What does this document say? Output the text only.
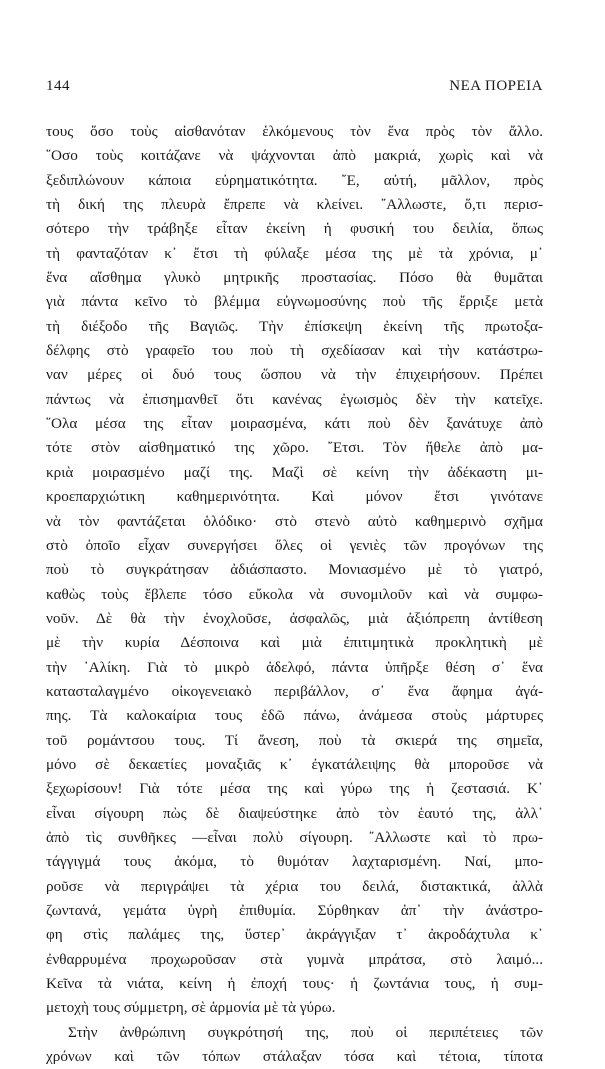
144	ΝΕΑ ΠΟΡΕΙΑ
τους ὅσο τοὺς αἰσθανόταν ἑλκόμενους τὸν ἕνα πρὸς τὸν ἄλλο.
῞Οσο τοὺς κοιτάζανε νὰ ψάχνονται ἀπὸ μακριά, χωρὶς καὶ νὰ
ξεδιπλώνουν κάποια εὐρηματικότητα. ῎Ε, αὐτή, μᾶλλον, πρὸς
τὴ δική της πλευρὰ ἔπρεπε νὰ κλείνει. ῎Αλλωστε, ὅ,τι περισ-
σότερο τὴν τράβηξε εἶταν ἐκείνη ἡ φυσική του δειλία, ὅπως
τὴ φανταζόταν κ᾽ ἔτσι τὴ φύλαξε μέσα της μὲ τὰ χρόνια, μ᾽
ἕνα αἴσθημα γλυκὸ μητρικῆς προστασίας. Πόσο θὰ θυμᾶται
γιὰ πάντα κεῖνο τὸ βλέμμα εὐγνωμοσύνης ποὺ τῆς ἔρριξε μετὰ
τὴ διέξοδο τῆς Βαγιῶς. Τὴν ἐπίσκεψη ἐκείνη τῆς πρωτοξα-
δέλφης στὸ γραφεῖο του ποὺ τὴ σχεδίασαν καὶ τὴν κατάστρω-
ναν μέρες οἱ δυό τους ὥσπου νὰ τὴν ἐπιχειρήσουν. Πρέπει
πάντως νὰ ἐπισημανθεῖ ὅτι κανένας ἐγωισμὸς δὲν τὴν κατεῖχε.
῞Ολα μέσα της εἶταν μοιρασμένα, κάτι ποὺ δὲν ξανάτυχε ἀπὸ
τότε στὸν αἰσθηματικό της χῶρο. ῎Ετσι. Τὸν ἤθελε ἀπὸ μα-
κριὰ μοιρασμένο μαζί της. Μαζὶ σὲ κείνη τὴν ἀδέκαστη μι-
κροεπαρχιώτικη καθημερινότητα. Καὶ μόνον ἔτσι γινότανε
νὰ τὸν φαντάζεται ὁλόδικο· στὸ στενὸ αὐτὸ καθημερινὸ σχῆμα
στὸ ὁποῖο εἶχαν συνεργήσει ὅλες οἱ γενιὲς τῶν προγόνων της
ποὺ τὸ συγκράτησαν ἀδιάσπαστο. Μονιασμένο μὲ τὸ γιατρό,
καθὼς τοὺς ἔβλεπε τόσο εὔκολα νὰ συνομιλοῦν καὶ νὰ συμφω-
νοῦν. Δὲ θὰ τὴν ἐνοχλοῦσε, ἀσφαλῶς, μιὰ ἀξιόπρεπη ἀντίθεση
μὲ τὴν κυρία Δέσποινα καὶ μιὰ ἐπιτιμητικὰ προκλητικὴ μὲ
τὴν ᾽Αλίκη. Γιὰ τὸ μικρὸ ἀδελφό, πάντα ὑπῆρξε θέση σ᾽ ἕνα
κατασταλαγμένο οἰκογενειακὸ περιβάλλον, σ᾽ ἕνα ἄφημα ἀγά-
πης. Τὰ καλοκαίρια τους ἐδῶ πάνω, ἀνάμεσα στοὺς μάρτυρες
τοῦ ρομάντσου τους. Τί ἄνεση, ποὺ τὰ σκιερά της σημεῖα,
μόνο σὲ δεκαετίες μοναξιᾶς κ᾽ ἐγκατάλειψης θὰ μποροῦσε νὰ
ξεχωρίσουν! Γιὰ τότε μέσα της καὶ γύρω της ἡ ζεστασιά. Κ᾽
εἶναι σίγουρη πὼς δὲ διαψεύστηκε ἀπὸ τὸν ἑαυτό της, ἀλλ᾽
ἀπὸ τὶς συνθῆκες —εἶναι πολὺ σίγουρη. ῎Αλλωστε καὶ τὸ πρω-
τάγγιγμά τους ἀκόμα, τὸ θυμόταν λαχταρισμένη. Ναί, μπο-
ροῦσε νὰ περιγράψει τὰ χέρια του δειλά, διστακτικά, ἀλλὰ
ζωντανά, γεμάτα ὑγρὴ ἐπιθυμία. Σύρθηκαν ἀπ᾽ τὴν ἀνάστρο-
φη στὶς παλάμες της, ὕστερ᾽ ἀκράγγιξαν τ᾽ ἀκροδάχτυλα κ᾽
ἐνθαρρυμένα προχωροῦσαν στὰ γυμνὰ μπράτσα, στὸ λαιμό...
Κεῖνα τὰ νιάτα, κείνη ἡ ἐποχή τους· ἡ ζωντάνια τους, ἡ συμ-
μετοχὴ τους σύμμετρη, σὲ ἁρμονία μὲ τὰ γύρω.
Στὴν ἀνθρώπινη συγκρότησή της, ποὺ οἱ περιπέτειες τῶν
χρόνων καὶ τῶν τόπων στάλαξαν τόσα καὶ τέτοια, τίποτα
